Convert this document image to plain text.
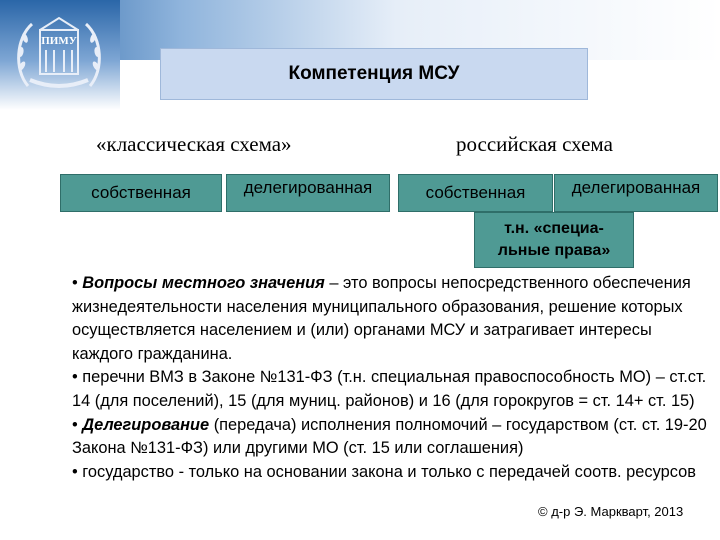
ПИМУ
Компетенция МСУ
«классическая схема»	российская схема
собственная	делегированная	собственная	делегированная
т.н. «специа-
льные права»

• Вопросы местного значения – это вопросы непосредственного обеспечения жизнедеятельности населения муниципального образования, решение которых осуществляется населением и (или) органами МСУ и затрагивает интересы каждого гражданина.

• перечни ВМЗ в Законе №131-ФЗ (т.н. специальная правоспособность МО) – ст.ст. 14 (для поселений), 15 (для муниц. районов) и 16 (для горокругов = ст. 14+ ст. 15)

• Делегирование (передача) исполнения полномочий – государством (ст. ст. 19-20 Закона №131-ФЗ) или другими МО (ст. 15 или соглашения)

• государство - только на основании закона и только с передачей соотв. ресурсов

© д-р Э. Маркварт, 2013
